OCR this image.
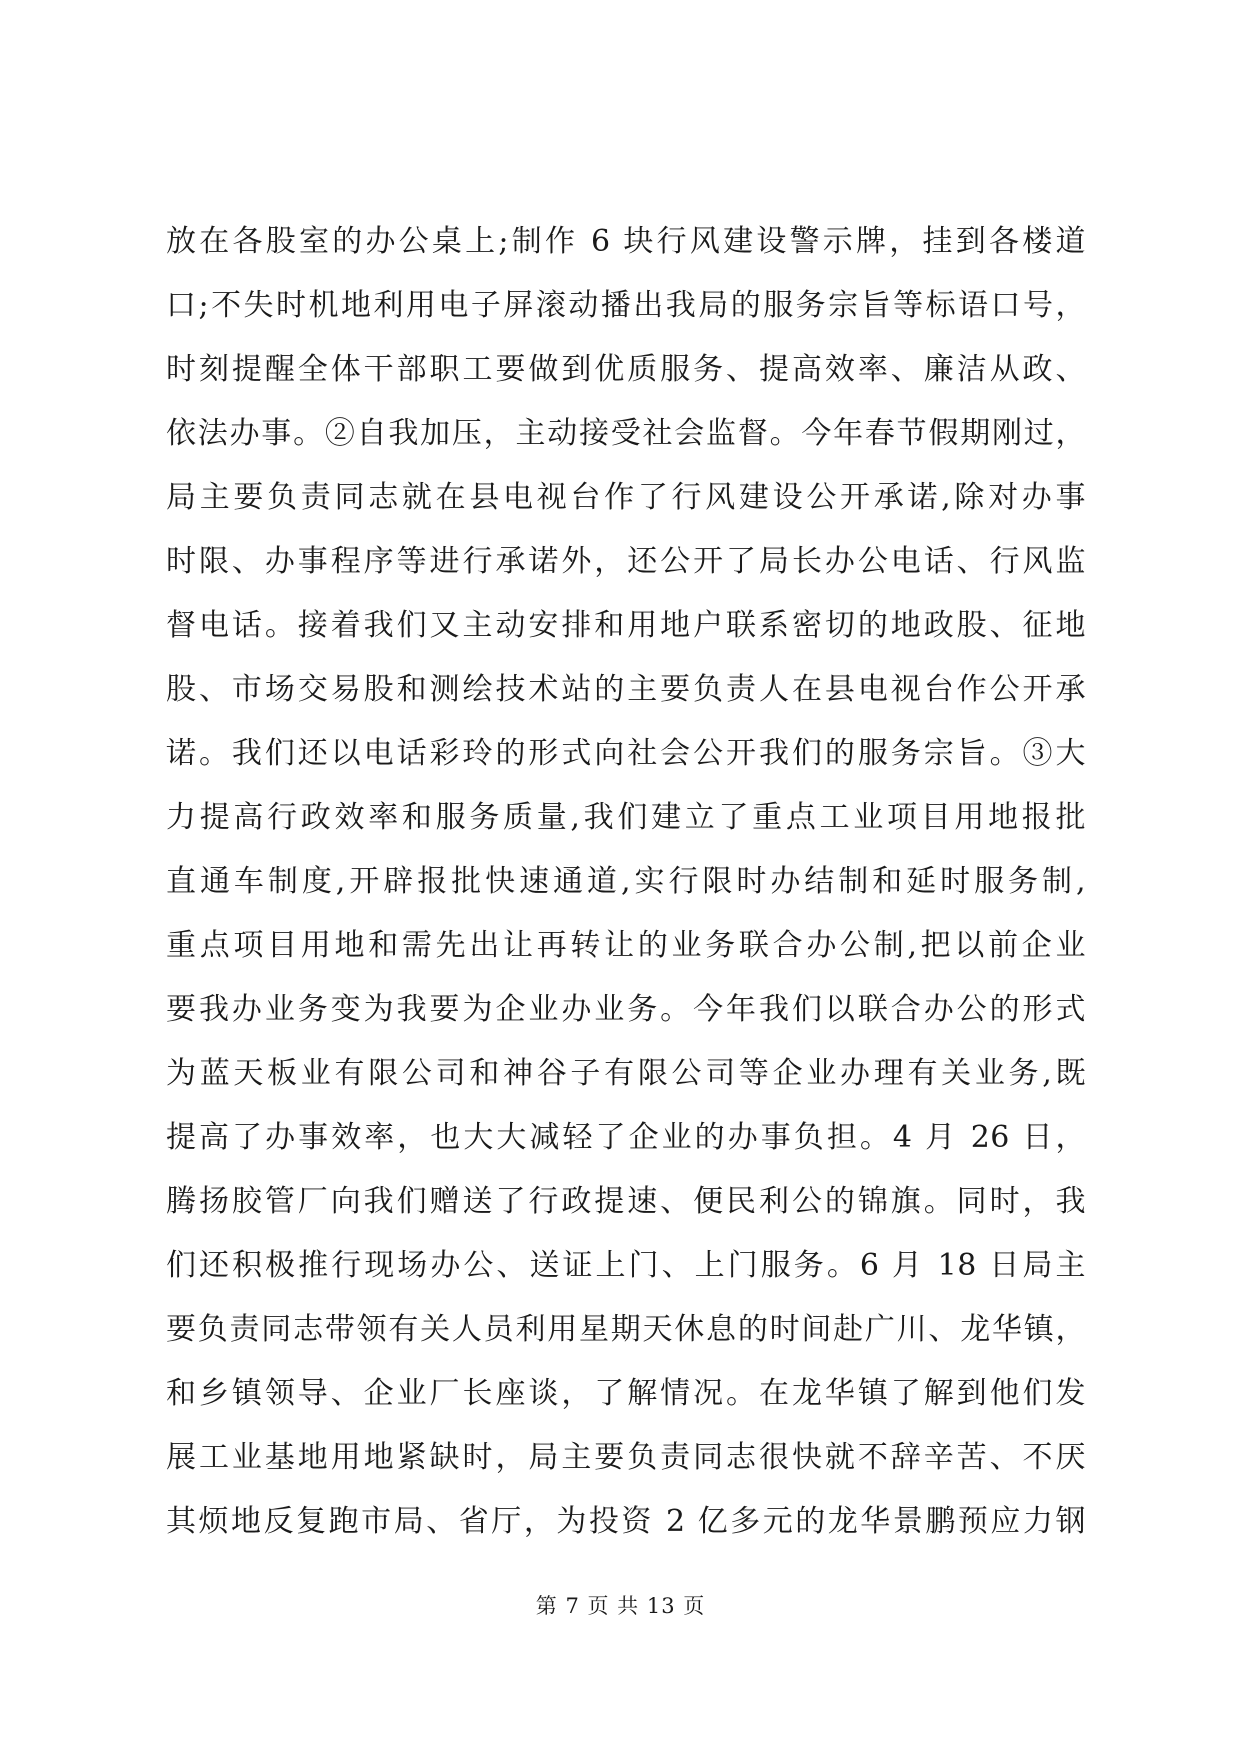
放在各股室的办公桌上;制作 6 块行风建设警示牌，挂到各楼道
口;不失时机地利用电子屏滚动播出我局的服务宗旨等标语口号，
时刻提醒全体干部职工要做到优质服务、提高效率、廉洁从政、
依法办事。②自我加压，主动接受社会监督。今年春节假期刚过，
局主要负责同志就在县电视台作了行风建设公开承诺,除对办事
时限、办事程序等进行承诺外，还公开了局长办公电话、行风监
督电话。接着我们又主动安排和用地户联系密切的地政股、征地
股、市场交易股和测绘技术站的主要负责人在县电视台作公开承
诺。我们还以电话彩玲的形式向社会公开我们的服务宗旨。③大
力提高行政效率和服务质量,我们建立了重点工业项目用地报批
直通车制度,开辟报批快速通道,实行限时办结制和延时服务制,
重点项目用地和需先出让再转让的业务联合办公制,把以前企业
要我办业务变为我要为企业办业务。今年我们以联合办公的形式
为蓝天板业有限公司和神谷子有限公司等企业办理有关业务,既
提高了办事效率，也大大减轻了企业的办事负担。4 月 26 日，
腾扬胶管厂向我们赠送了行政提速、便民利公的锦旗。同时，我
们还积极推行现场办公、送证上门、上门服务。6 月 18 日局主
要负责同志带领有关人员利用星期天休息的时间赴广川、龙华镇，
和乡镇领导、企业厂长座谈，了解情况。在龙华镇了解到他们发
展工业基地用地紧缺时，局主要负责同志很快就不辞辛苦、不厌
其烦地反复跑市局、省厅，为投资 2 亿多元的龙华景鹏预应力钢
第 7 页 共 13 页
